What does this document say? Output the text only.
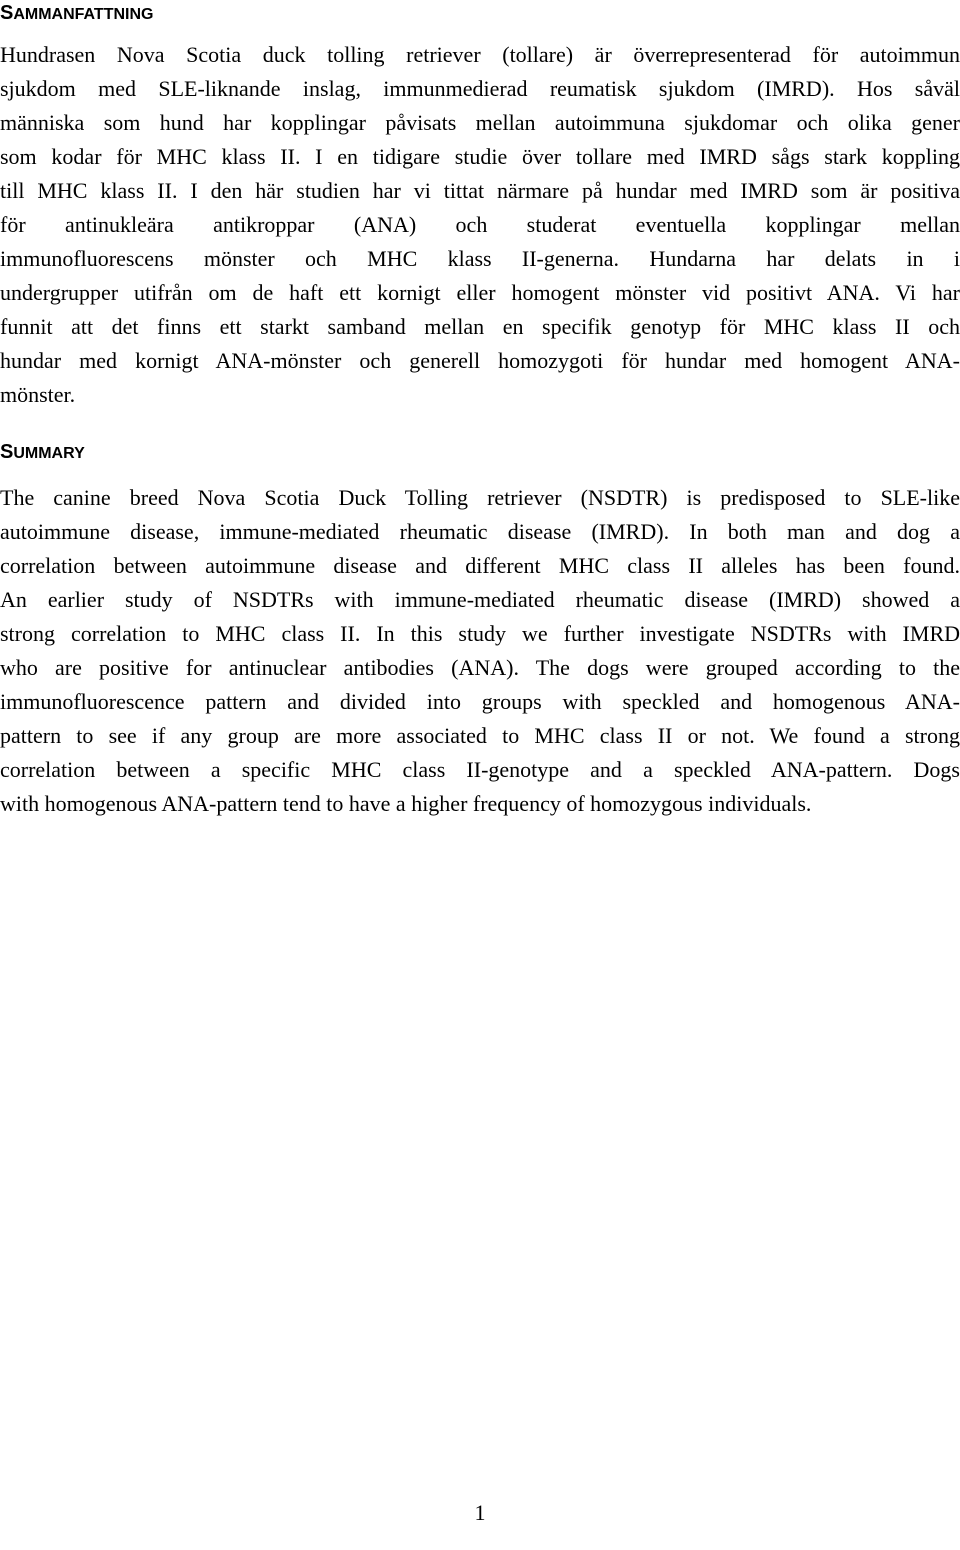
SAMMANFATTNING
Hundrasen Nova Scotia duck tolling retriever (tollare) är överrepresenterad för autoimmun
sjukdom med SLE-liknande inslag, immunmedierad reumatisk sjukdom (IMRD). Hos såväl
människa som hund har kopplingar påvisats mellan autoimmuna sjukdomar och olika gener
som kodar för MHC klass II. I en tidigare studie över tollare med IMRD sågs stark koppling
till MHC klass II. I den här studien har vi tittat närmare på hundar med IMRD som är positiva
för antinukleära antikroppar (ANA) och studerat eventuella kopplingar mellan
immunofluorescens mönster och MHC klass II-generna. Hundarna har delats in i
undergrupper utifrån om de haft ett kornigt eller homogent mönster vid positivt ANA. Vi har
funnit att det finns ett starkt samband mellan en specifik genotyp för MHC klass II och
hundar med kornigt ANA-mönster och generell homozygoti för hundar med homogent ANA-
mönster.
SUMMARY
The canine breed Nova Scotia Duck Tolling retriever (NSDTR) is predisposed to SLE-like
autoimmune disease, immune-mediated rheumatic disease (IMRD). In both man and dog a
correlation between autoimmune disease and different MHC class II alleles has been found.
An earlier study of NSDTRs with immune-mediated rheumatic disease (IMRD) showed a
strong correlation to MHC class II. In this study we further investigate NSDTRs with IMRD
who are positive for antinuclear antibodies (ANA). The dogs were grouped according to the
immunofluorescence pattern and divided into groups with speckled and homogenous ANA-
pattern to see if any group are more associated to MHC class II or not. We found a strong
correlation between a specific MHC class II-genotype and a speckled ANA-pattern. Dogs
with homogenous ANA-pattern tend to have a higher frequency of homozygous individuals.
1
